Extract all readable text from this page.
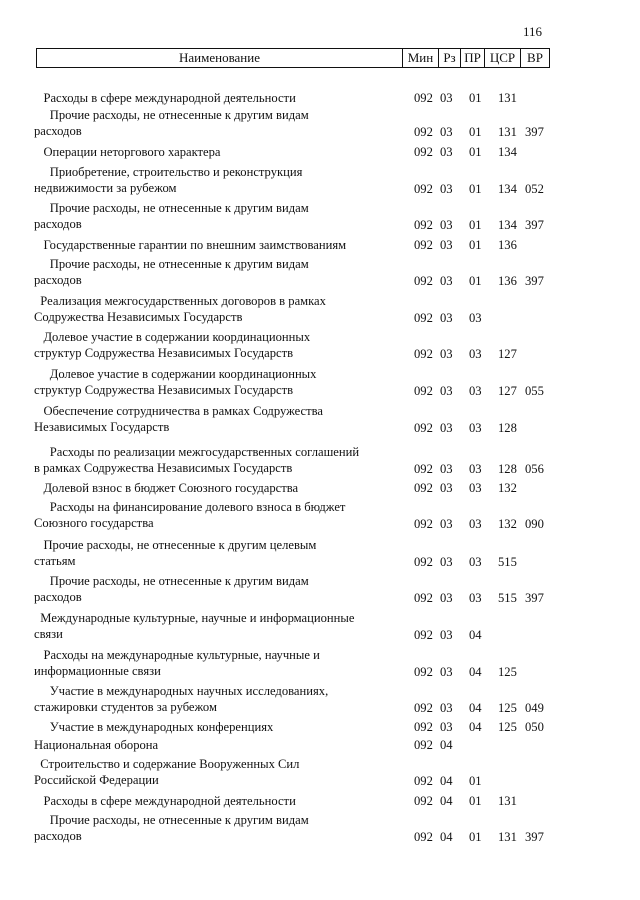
116
Наименование	Мин Рз ПР ЦСР ВР
Расходы в сфере международной деятельности	092 03 01 131
Прочие расходы, не отнесенные к другим видам
расходов	092 03 01 131 397
Операции неторгового характера	092 03 01 134
Приобретение, строительство и реконструкция
недвижимости за рубежом	092 03 01 134 052
Прочие расходы, не отнесенные к другим видам
расходов	092 03 01 134 397
Государственные гарантии по внешним заимствованиям	092 03 01 136
Прочие расходы, не отнесенные к другим видам
расходов	092 03 01 136 397
Реализация межгосударственных договоров в рамках
Содружества Независимых Государств	092 03 03
Долевое участие в содержании координационных
структур Содружества Независимых Государств	092 03 03 127
Долевое участие в содержании координационных
структур Содружества Независимых Государств	092 03 03 127 055
Обеспечение сотрудничества в рамках Содружества
Независимых Государств	092 03 03 128
Расходы по реализации межгосударственных соглашений
в рамках Содружества Независимых Государств	092 03 03 128 056
Долевой взнос в бюджет Союзного государства	092 03 03 132
Расходы на финансирование долевого взноса в бюджет
Союзного государства	092 03 03 132 090
Прочие расходы, не отнесенные к другим целевым
статьям	092 03 03 515
Прочие расходы, не отнесенные к другим видам
расходов	092 03 03 515 397
Международные культурные, научные и информационные
связи	092 03 04
Расходы на международные культурные, научные и
информационные связи	092 03 04 125
Участие в международных научных исследованиях,
стажировки студентов за рубежом	092 03 04 125 049
Участие в международных конференциях	092 03 04 125 050
Национальная оборона	092 04
Строительство и содержание Вооруженных Сил
Российской Федерации	092 04 01
Расходы в сфере международной деятельности	092 04 01 131
Прочие расходы, не отнесенные к другим видам
расходов	092 04 01 131 397
